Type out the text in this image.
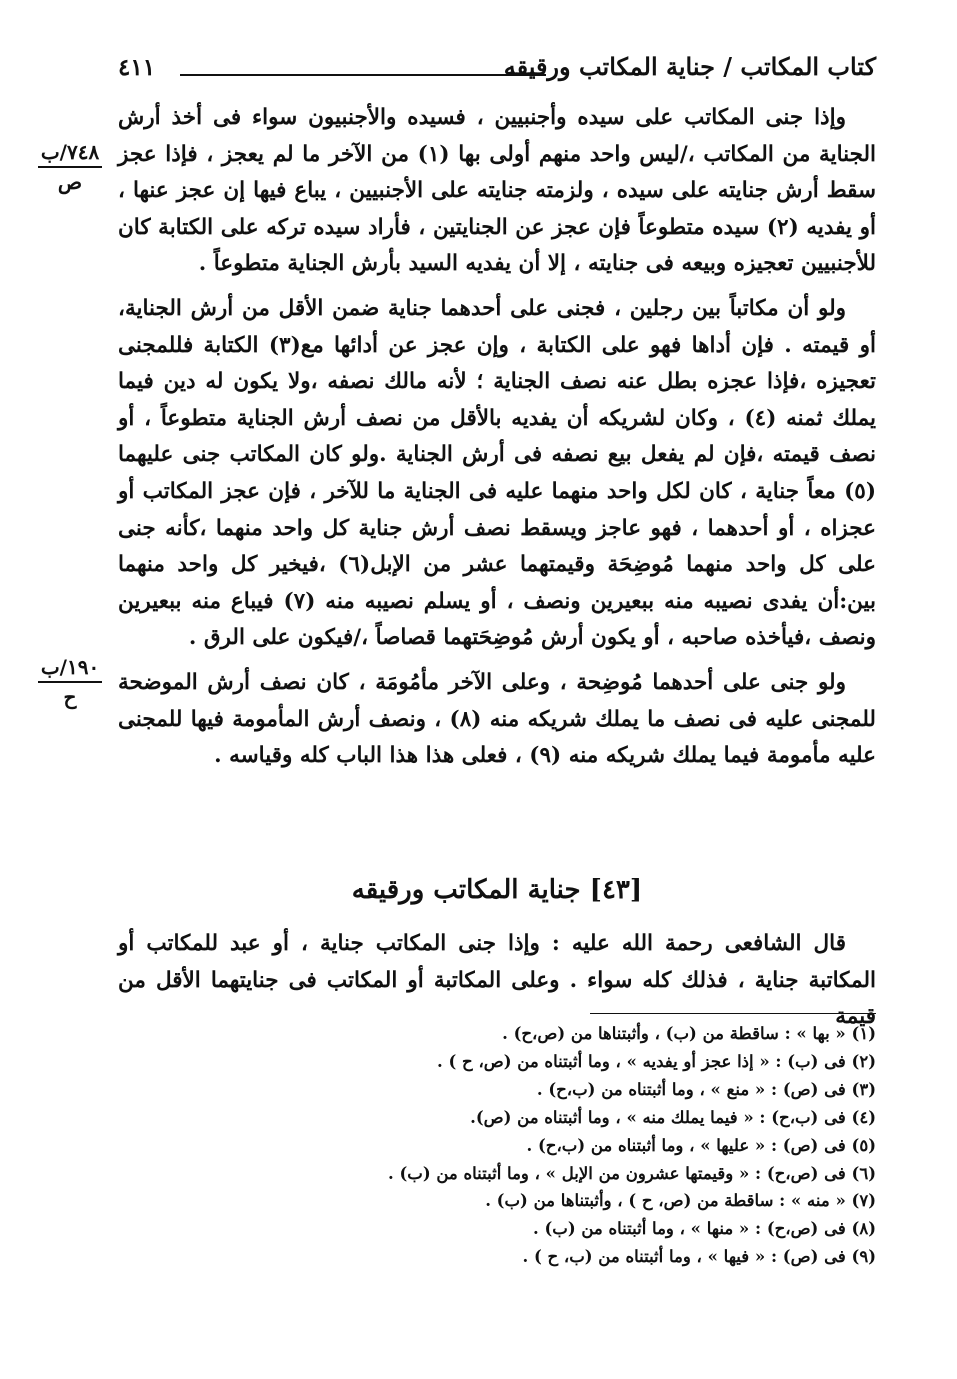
كتاب المكاتب / جناية المكاتب ورقيقه
٤١١
٧٤٨/ب
ص
١٩٠/ب
ح

وإذا جنى المكاتب على سيده وأجنبيين ، فسيده والأجنبيون سواء فى أخذ أرش الجناية من المكاتب ،/ليس واحد منهم أولى بها (١) من الآخر ما لم يعجز ، فإذا عجز سقط أرش جنايته على سيده ، ولزمته جنايته على الأجنبيين ، يباع فيها إن عجز عنها ، أو يفديه (٢) سيده متطوعاً فإن عجز عن الجنايتين ، فأراد سيده تركه على الكتابة كان للأجنبيين تعجيزه وبيعه فى جنايته ، إلا أن يفديه السيد بأرش الجناية متطوعاً .

ولو أن مكاتباً بين رجلين ، فجنى على أحدهما جناية ضمن الأقل من أرش الجناية، أو قيمته . فإن أداها فهو على الكتابة ، وإن عجز عن أدائها مع(٣) الكتابة فللمجنى تعجيزه ،فإذا عجزه بطل عنه نصف الجناية ؛ لأنه مالك نصفه ،ولا يكون له دين فيما يملك ثمنه (٤) ، وكان لشريكه أن يفديه بالأقل من نصف أرش الجناية متطوعاً ، أو نصف قيمته ،فإن لم يفعل بيع نصفه فى أرش الجناية .ولو كان المكاتب جنى عليهما (٥) معاً جناية ، كان لكل واحد منهما عليه فى الجناية ما للآخر ، فإن عجز المكاتب أو عجزاه ، أو أحدهما ، فهو عاجز ويسقط نصف أرش جناية كل واحد منهما ،كأنه جنى على كل واحد منهما مُوضِحَة وقيمتهما عشر من الإبل(٦) ،فيخير كل واحد منهما بين:أن يفدى نصيبه منه ببعيرين ونصف ، أو يسلم نصيبه منه (٧) فيباع منه ببعيرين ونصف ،فيأخذه صاحبه ، أو يكون أرش مُوضِحَتهما قصاصاً ،/فيكون على الرق .

ولو جنى على أحدهما مُوضِحة ، وعلى الآخر مأمُومَة ، كان نصف أرش الموضحة للمجنى عليه فى نصف ما يملك شريكه منه (٨) ، ونصف أرش المأمومة فيها للمجنى عليه مأمومة فيما يملك شريكه منه (٩) ، فعلى هذا هذا الباب كله وقياسه .

[٤٣] جناية المكاتب ورقيقه

قال الشافعى رحمة الله عليه : وإذا جنى المكاتب جناية ، أو عبد للمكاتب أو المكاتبة جناية ، فذلك كله سواء . وعلى المكاتبة أو المكاتب فى جنايتهما الأقل من قيمة

(١) « بها » : ساقطة من (ب) ، وأثبتناها من (ص،ح) .

(٢) فى (ب) : « إذا عجز أو يفديه » ، وما أثبتناه من (ص، ح ) .

(٣) فى (ص) : « منع » ، وما أثبتناه من (ب،ح) .

(٤) فى (ب،ح) : « فيما يملك منه » ، وما أثبتناه من (ص).

(٥) فى (ص) : « عليها » ، وما أثبتناه من (ب،ح) .

(٦) فى (ص،ح) : « وقيمتها عشرون من الإبل » ، وما أثبتناه من (ب) .

(٧) « منه » : ساقطة من (ص، ح ) ، وأثبتناها من (ب) .

(٨) فى (ص،ح) : « منها » ، وما أثبتناه من (ب) .

(٩) فى (ص) : « فيها » ، وما أثبتناه من (ب، ح ) .
